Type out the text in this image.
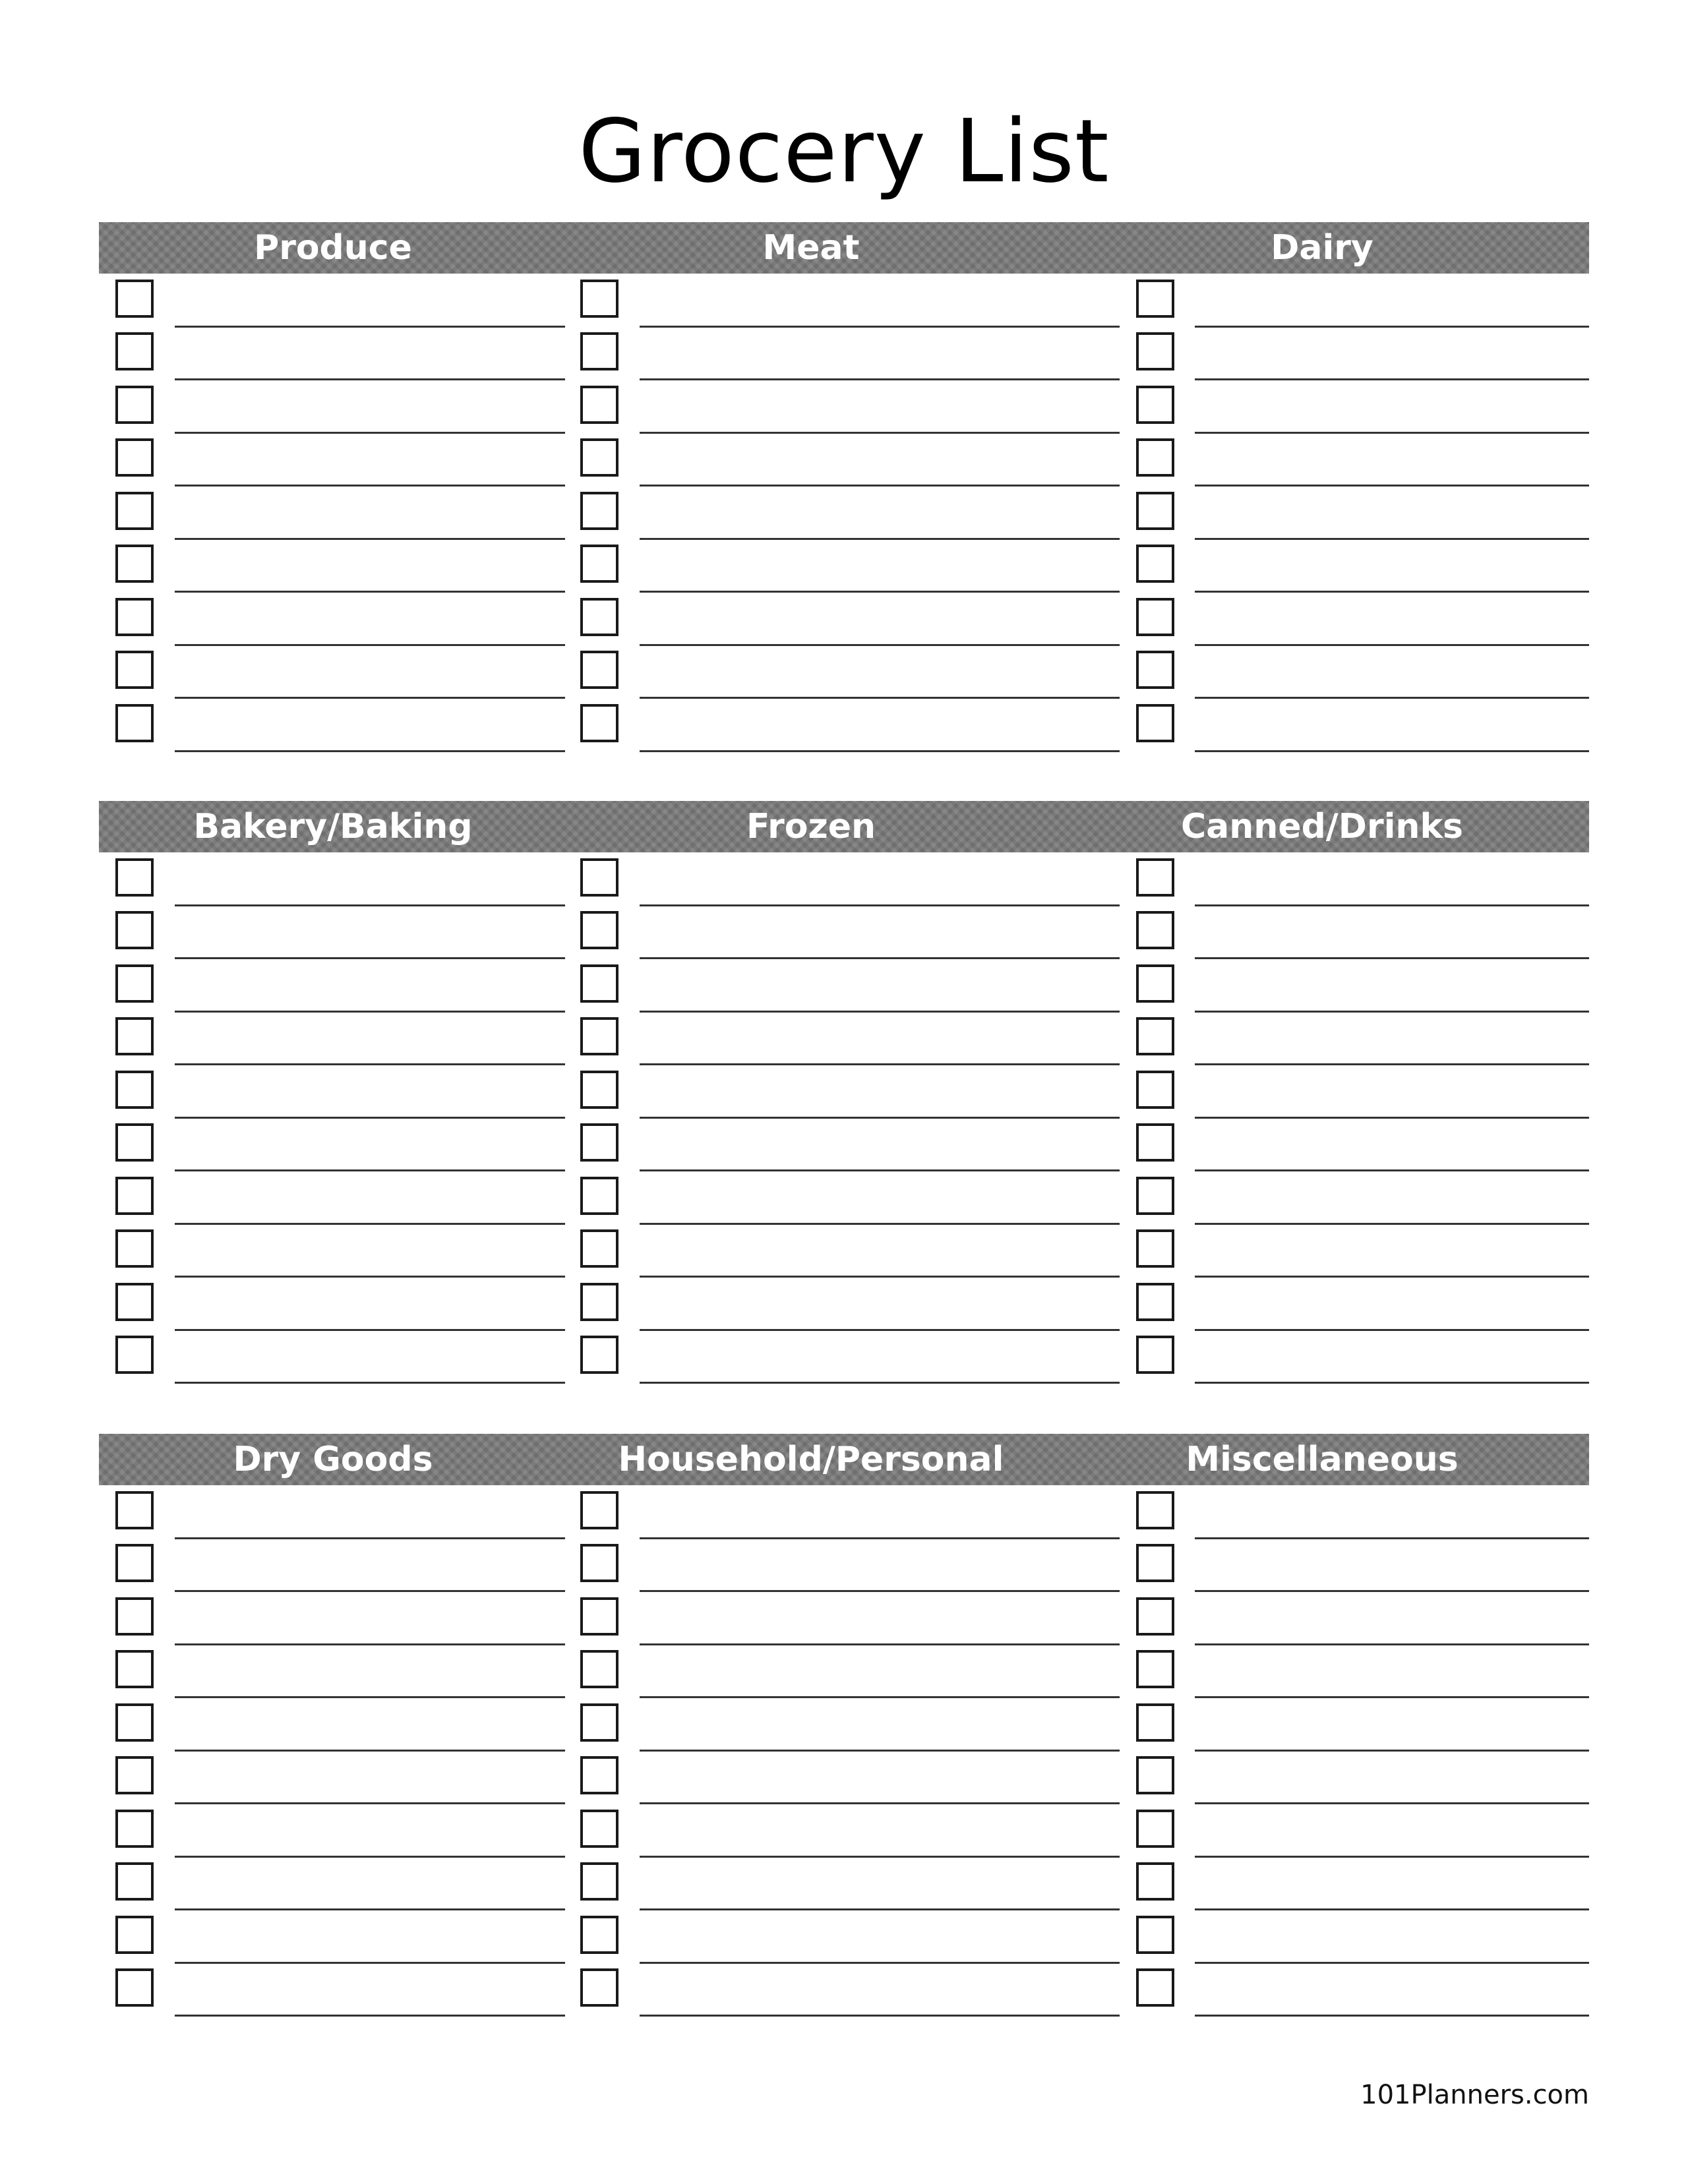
Grocery List
Produce	Meat	Dairy
Bakery/Baking	Frozen	Canned/Drinks
Dry Goods	Household/Personal	Miscellaneous
101Planners.com
